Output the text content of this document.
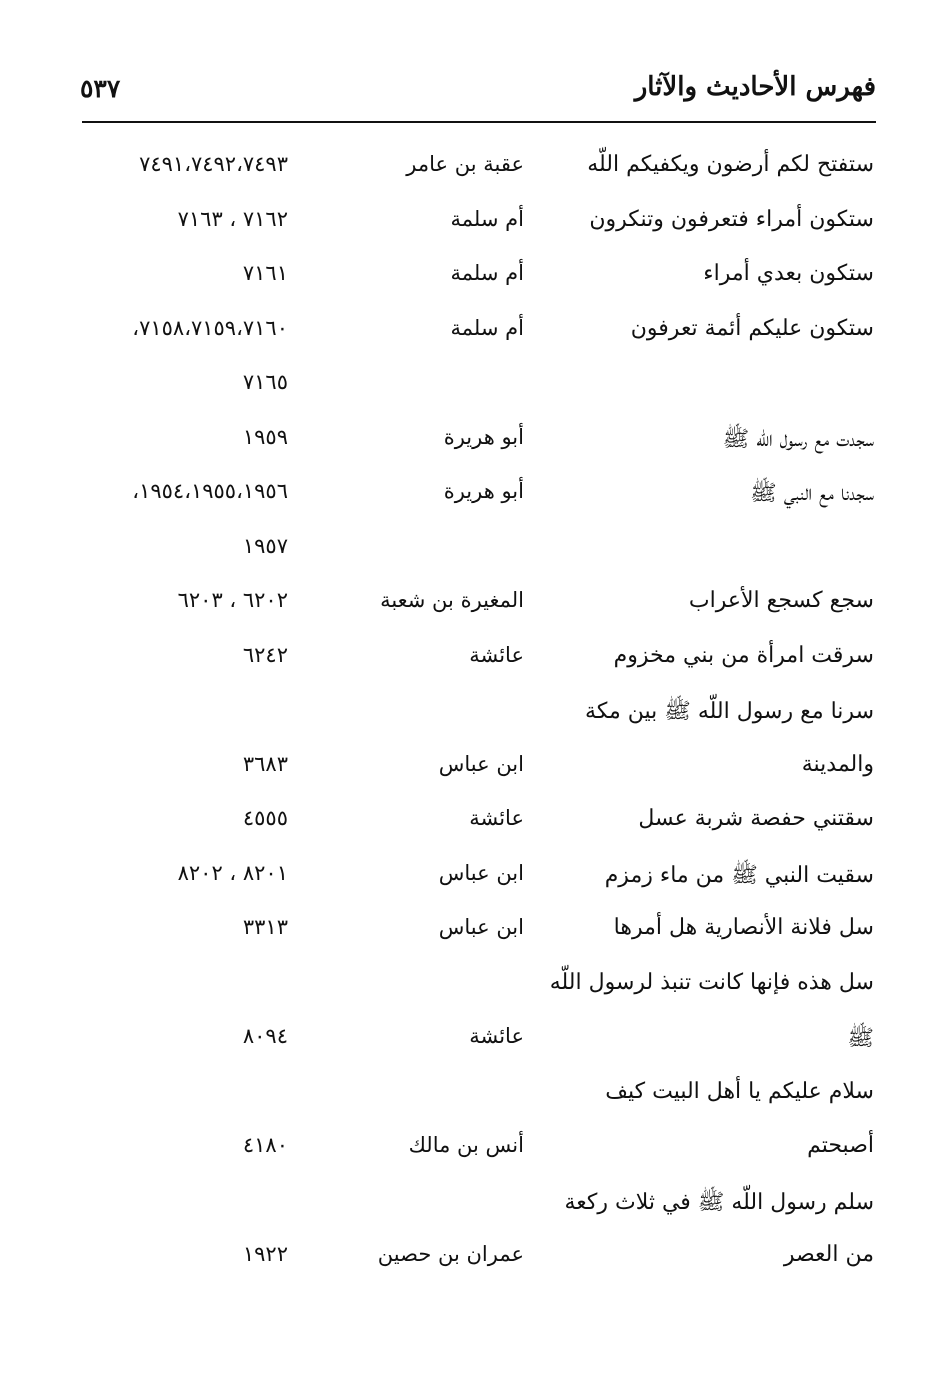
فهرس الأحاديث والآثار
٥٣٧
ستفتح لكم أرضون ويكفيكم اللّه
عقبة بن عامر
٧٤٩١،٧٤٩٢،٧٤٩٣
ستكون أمراء فتعرفون وتنكرون
أم سلمة
٧١٦٢ ، ٧١٦٣
ستكون بعدي أمراء
أم سلمة
٧١٦١
ستكون عليكم أئمة تعرفون
أم سلمة
٧١٥٨،٧١٥٩،٧١٦٠،
٧١٦٥
سجدت مع رسول اللّه ﷺ
أبو هريرة
١٩٥٩
سجدنا مع النبي ﷺ
أبو هريرة
١٩٥٤،١٩٥٥،١٩٥٦،
١٩٥٧
سجع كسجع الأعراب
المغيرة بن شعبة
٦٢٠٢ ، ٦٢٠٣
سرقت امرأة من بني مخزوم
عائشة
٦٢٤٢
سرنا مع رسول اللّه ﷺ بين مكة
والمدينة
ابن عباس
٣٦٨٣
سقتني حفصة شربة عسل
عائشة
٤٥٥٥
سقيت النبي ﷺ من ماء زمزم
ابن عباس
٨٢٠١ ، ٨٢٠٢
سل فلانة الأنصارية هل أمرها
ابن عباس
٣٣١٣
سل هذه فإنها كانت تنبذ لرسول اللّه
ﷺ
عائشة
٨٠٩٤
سلام عليكم يا أهل البيت كيف
أصبحتم
أنس بن مالك
٤١٨٠
سلم رسول اللّه ﷺ في ثلاث ركعة
من العصر
عمران بن حصين
١٩٢٢
